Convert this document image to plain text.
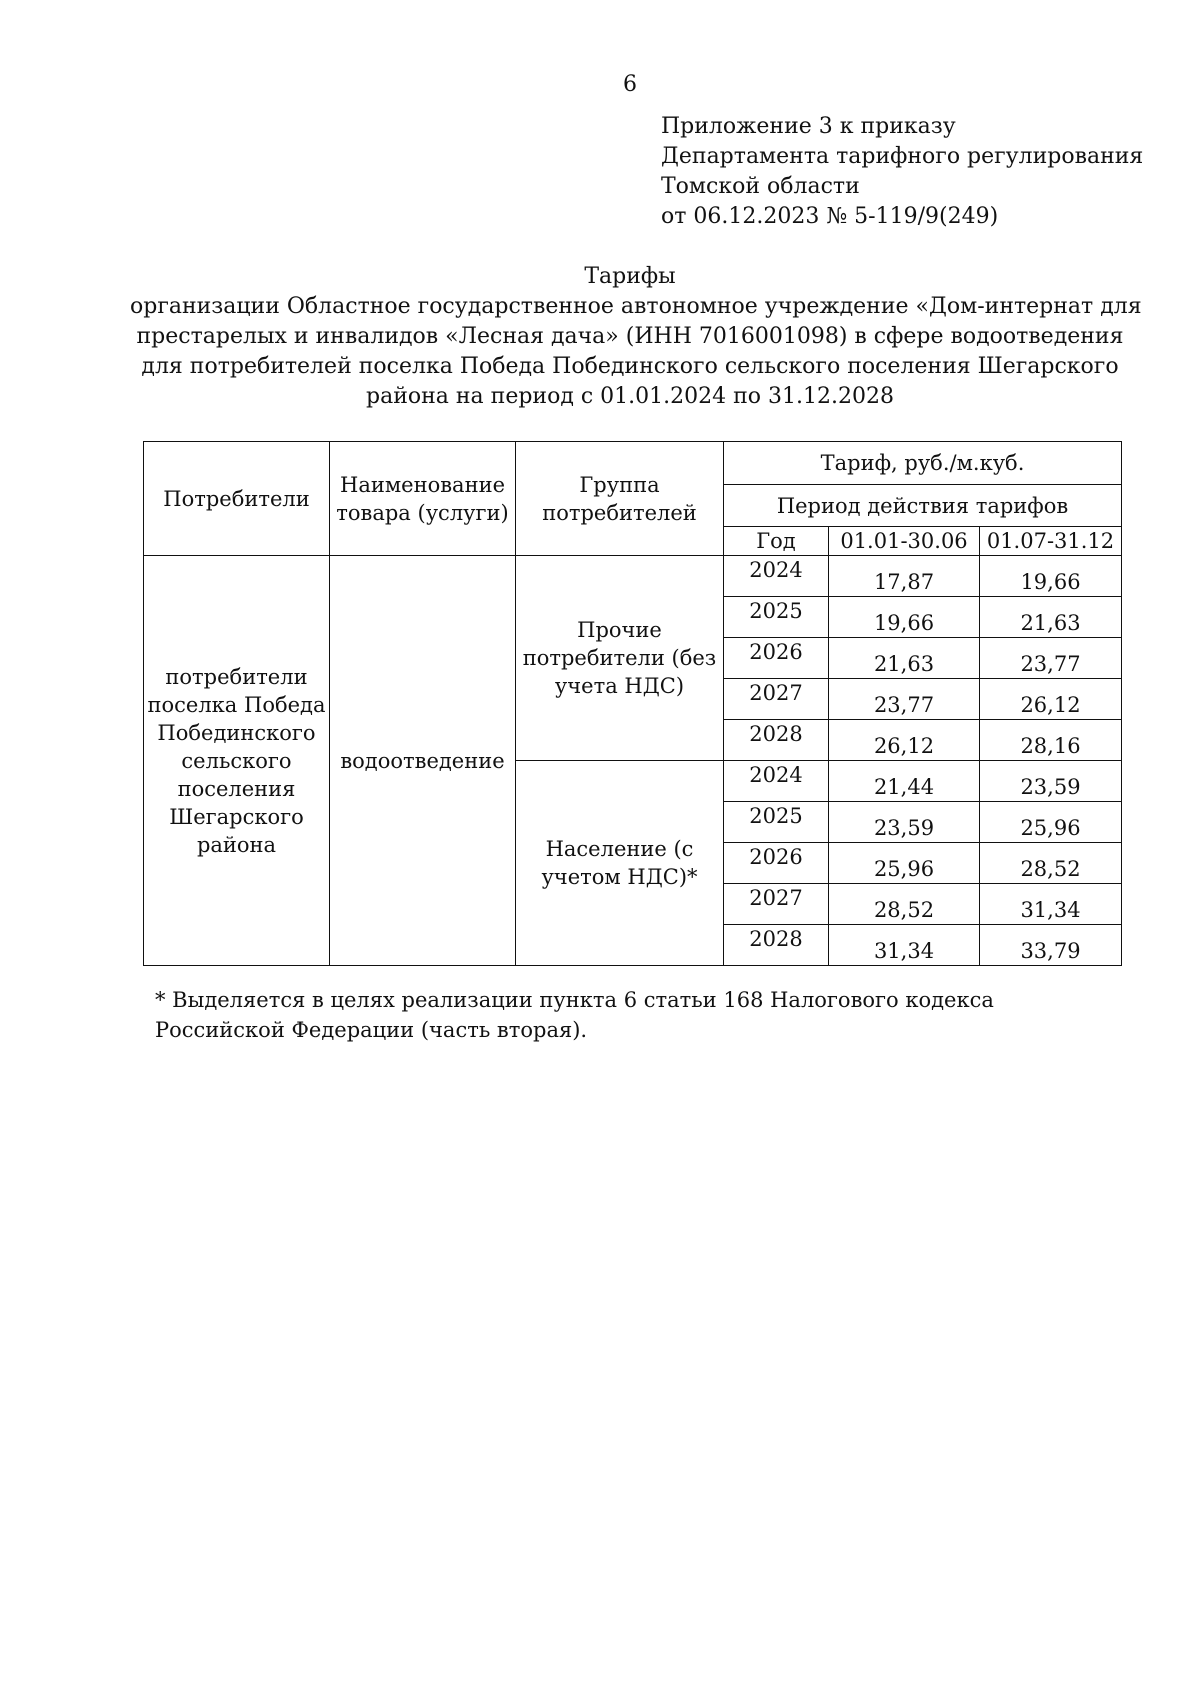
6
Приложение 3 к приказу
Департамента тарифного регулирования
Томской области
от 06.12.2023 № 5-119/9(249)
Тарифы
организации Областное государственное автономное учреждение «Дом-интернат для
престарелых и инвалидов «Лесная дача» (ИНН 7016001098) в сфере водоотведения
для потребителей поселка Победа Побединского сельского поселения Шегарского
района на период с 01.01.2024 по 31.12.2028
Потребители	Наименование товара (услуги)	Группа потребителей	Тариф, руб./м.куб.		
			Период действия тарифов		
			Год	01.01-30.06	01.07-31.12
потребители поселка Победа Побединского сельского поселения Шегарского района	водоотведение	Прочие потребители (без учета НДС)	2024	17,87	19,66
			2025	19,66	21,63
			2026	21,63	23,77
			2027	23,77	26,12
			2028	26,12	28,16
		Население (с учетом НДС)*	2024	21,44	23,59
			2025	23,59	25,96
			2026	25,96	28,52
			2027	28,52	31,34
			2028	31,34	33,79
* Выделяется в целях реализации пункта 6 статьи 168 Налогового кодекса Российской Федерации (часть вторая).
